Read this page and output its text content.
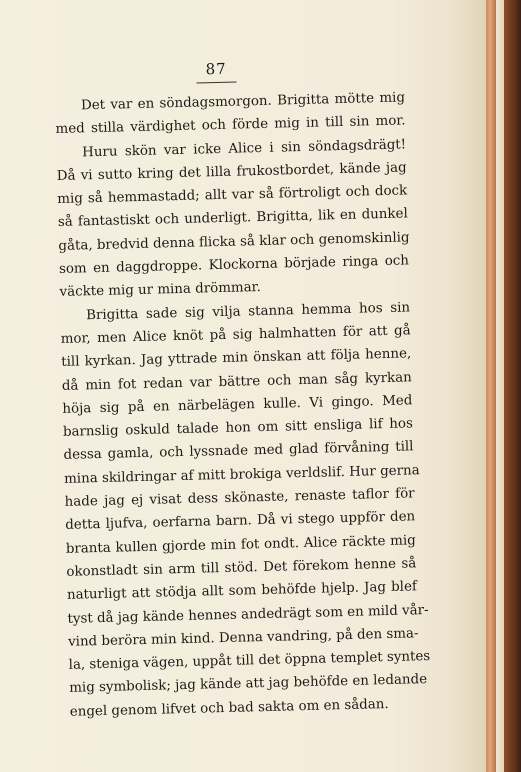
87
Det var en söndagsmorgon. Brigitta mötte mig
med stilla värdighet och förde mig in till sin mor.
Huru skön var icke Alice i sin söndagsdrägt!
Då vi sutto kring det lilla frukostbordet, kände jag
mig så hemmastadd; allt var så förtroligt och dock
så fantastiskt och underligt. Brigitta, lik en dunkel
gåta, bredvid denna flicka så klar och genomskinlig
som en daggdroppe. Klockorna började ringa och
väckte mig ur mina drömmar.
Brigitta sade sig vilja stanna hemma hos sin
mor, men Alice knöt på sig halmhatten för att gå
till kyrkan. Jag yttrade min önskan att följa henne,
då min fot redan var bättre och man såg kyrkan
höja sig på en närbelägen kulle. Vi gingo. Med
barnslig oskuld talade hon om sitt ensliga lif hos
dessa gamla, och lyssnade med glad förvåning till
mina skildringar af mitt brokiga verldslif. Hur gerna
hade jag ej visat dess skönaste, renaste taflor för
detta ljufva, oerfarna barn. Då vi stego uppför den
branta kullen gjorde min fot ondt. Alice räckte mig
okonstladt sin arm till stöd. Det förekom henne så
naturligt att stödja allt som behöfde hjelp. Jag blef
tyst då jag kände hennes andedrägt som en mild vår-
vind beröra min kind. Denna vandring, på den sma-
la, steniga vägen, uppåt till det öppna templet syntes
mig symbolisk; jag kände att jag behöfde en ledande
engel genom lifvet och bad sakta om en sådan.
